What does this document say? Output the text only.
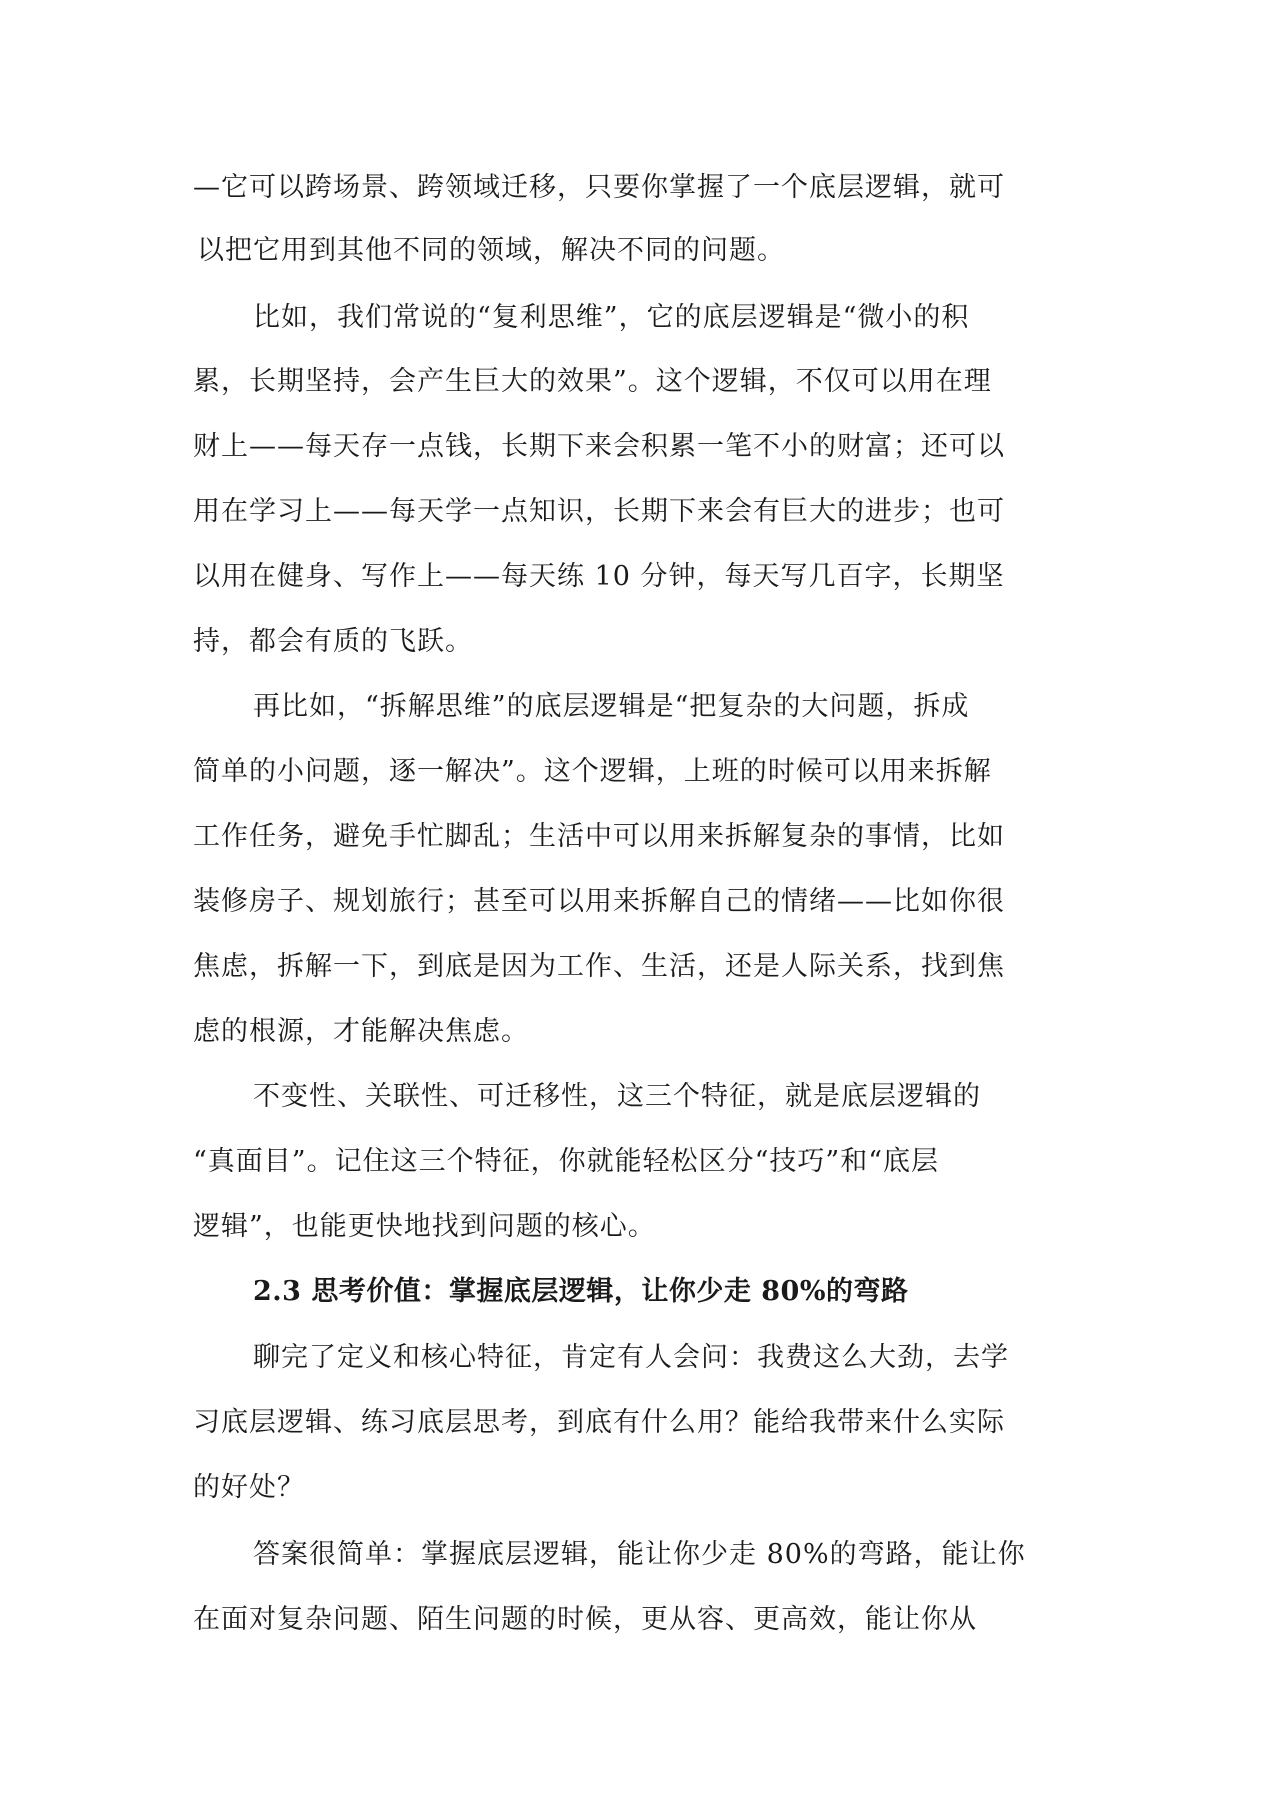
—它可以跨场景、跨领域迁移，只要你掌握了一个底层逻辑，就可
以把它用到其他不同的领域，解决不同的问题。
比如，我们常说的“复利思维”，它的底层逻辑是“微小的积
累，长期坚持，会产生巨大的效果”。这个逻辑，不仅可以用在理
财上——每天存一点钱，长期下来会积累一笔不小的财富；还可以
用在学习上——每天学一点知识，长期下来会有巨大的进步；也可
以用在健身、写作上——每天练 10 分钟，每天写几百字，长期坚
持，都会有质的飞跃。
再比如，“拆解思维”的底层逻辑是“把复杂的大问题，拆成
简单的小问题，逐一解决”。这个逻辑，上班的时候可以用来拆解
工作任务，避免手忙脚乱；生活中可以用来拆解复杂的事情，比如
装修房子、规划旅行；甚至可以用来拆解自己的情绪——比如你很
焦虑，拆解一下，到底是因为工作、生活，还是人际关系，找到焦
虑的根源，才能解决焦虑。
不变性、关联性、可迁移性，这三个特征，就是底层逻辑的
“真面目”。记住这三个特征，你就能轻松区分“技巧”和“底层
逻辑”，也能更快地找到问题的核心。
2.3 思考价值：掌握底层逻辑，让你少走 80%的弯路
聊完了定义和核心特征，肯定有人会问：我费这么大劲，去学
习底层逻辑、练习底层思考，到底有什么用？能给我带来什么实际
的好处？
答案很简单：掌握底层逻辑，能让你少走 80%的弯路，能让你
在面对复杂问题、陌生问题的时候，更从容、更高效，能让你从
